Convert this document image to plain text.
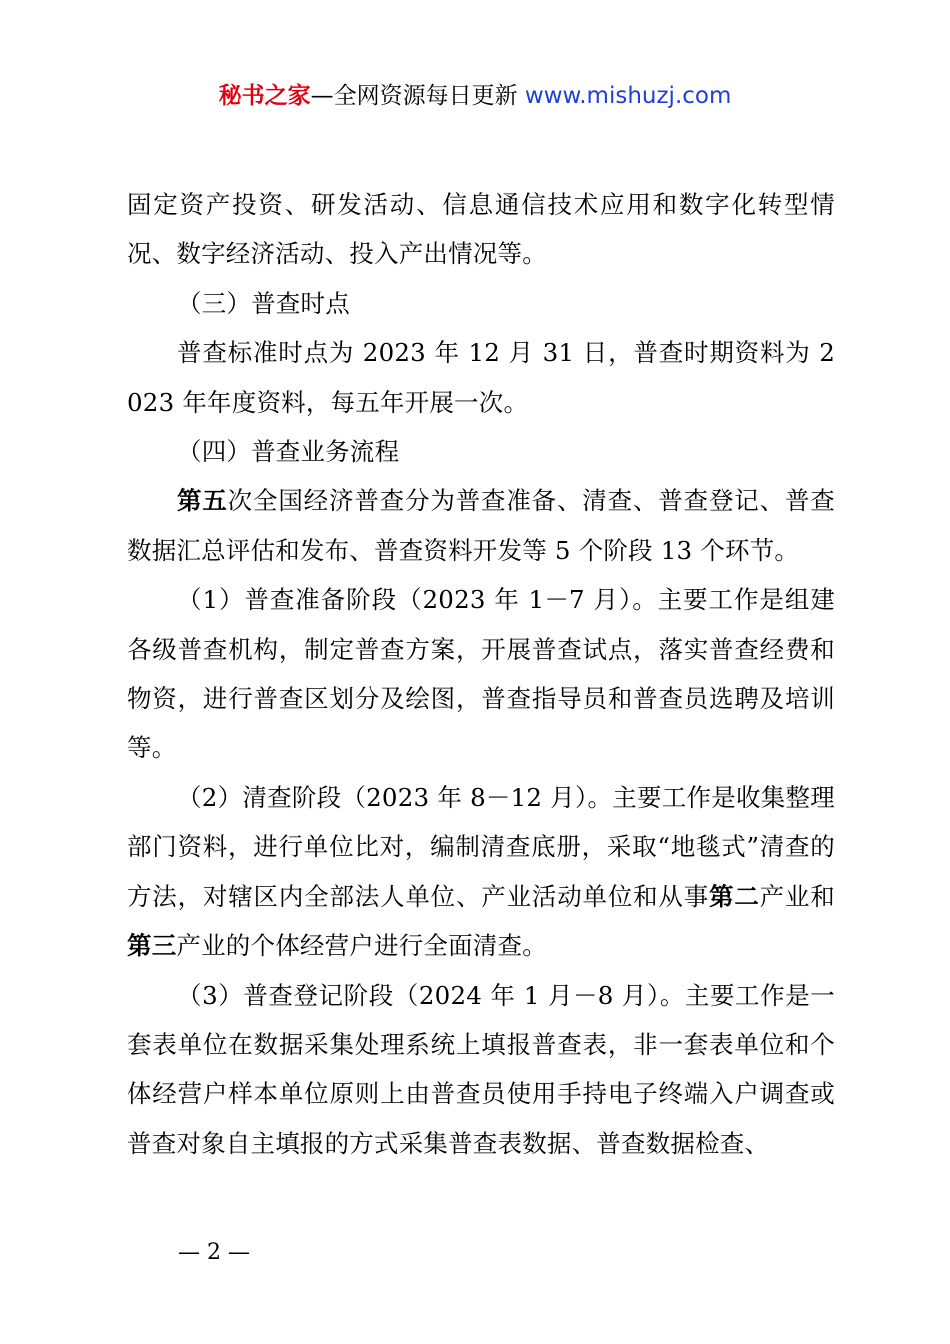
秘书之家—全网资源每日更新 www.mishuzj.com

固定资产投资、研发活动、信息通信技术应用和数字化转型情况、数字经济活动、投入产出情况等。

（三）普查时点

普查标准时点为 2023 年 12 月 31 日，普查时期资料为 2023 年年度资料，每五年开展一次。

（四）普查业务流程

第五次全国经济普查分为普查准备、清查、普查登记、普查数据汇总评估和发布、普查资料开发等 5 个阶段 13 个环节。

（1）普查准备阶段（2023 年 1－7 月）。主要工作是组建各级普查机构，制定普查方案，开展普查试点，落实普查经费和物资，进行普查区划分及绘图，普查指导员和普查员选聘及培训等。

（2）清查阶段（2023 年 8－12 月）。主要工作是收集整理部门资料，进行单位比对，编制清查底册，采取“地毯式”清查的方法，对辖区内全部法人单位、产业活动单位和从事第二产业和第三产业的个体经营户进行全面清查。

（3）普查登记阶段（2024 年 1 月－8 月）。主要工作是一套表单位在数据采集处理系统上填报普查表，非一套表单位和个体经营户样本单位原则上由普查员使用手持电子终端入户调查或普查对象自主填报的方式采集普查表数据、普查数据检查、

— 2 —
